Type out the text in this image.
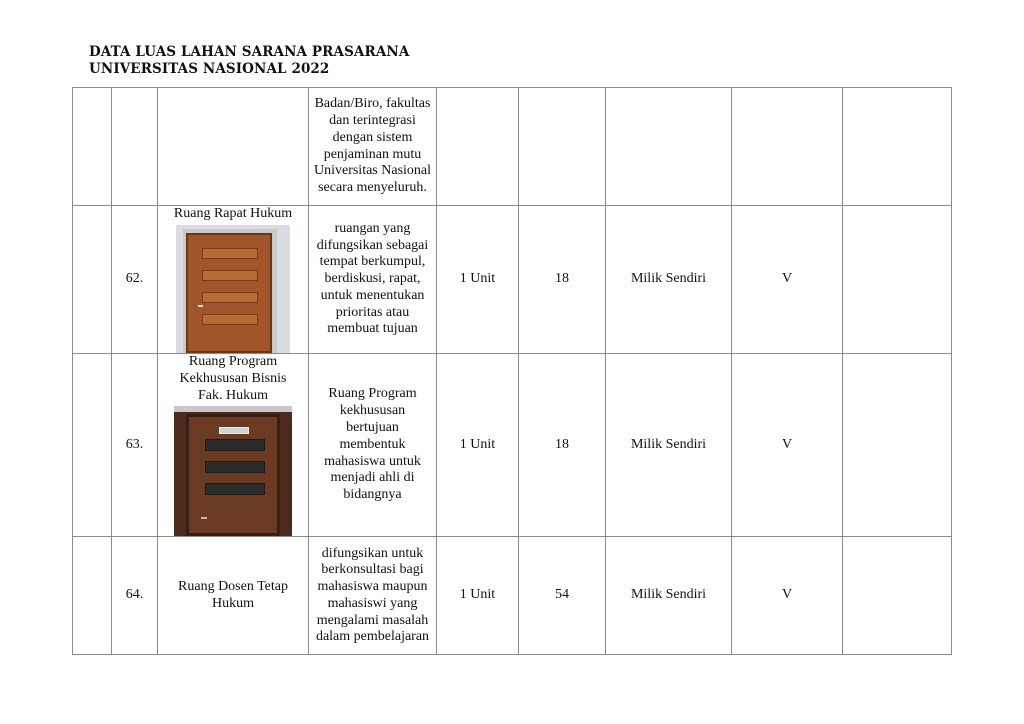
DATA LUAS LAHAN SARANA PRASARANA
UNIVERSITAS NASIONAL 2022

			Badan/Biro, fakultas dan terintegrasi dengan sistem penjaminan mutu Universitas Nasional secara menyeluruh.					

	62.	Ruang Rapat Hukum	ruangan yang difungsikan sebagai tempat berkumpul, berdiskusi, rapat, untuk menentukan prioritas atau membuat tujuan	1 Unit	18	Milik Sendiri	V	
	63.	Ruang Program Kekhususan Bisnis Fak. Hukum	Ruang Program kekhususan bertujuan membentuk mahasiswa untuk menjadi ahli di bidangnya	1 Unit	18	Milik Sendiri	V	
	64.	Ruang Dosen Tetap Hukum	difungsikan untuk berkonsultasi bagi mahasiswa maupun mahasiswi yang mengalami masalah dalam pembelajaran	1 Unit	54	Milik Sendiri	V	
